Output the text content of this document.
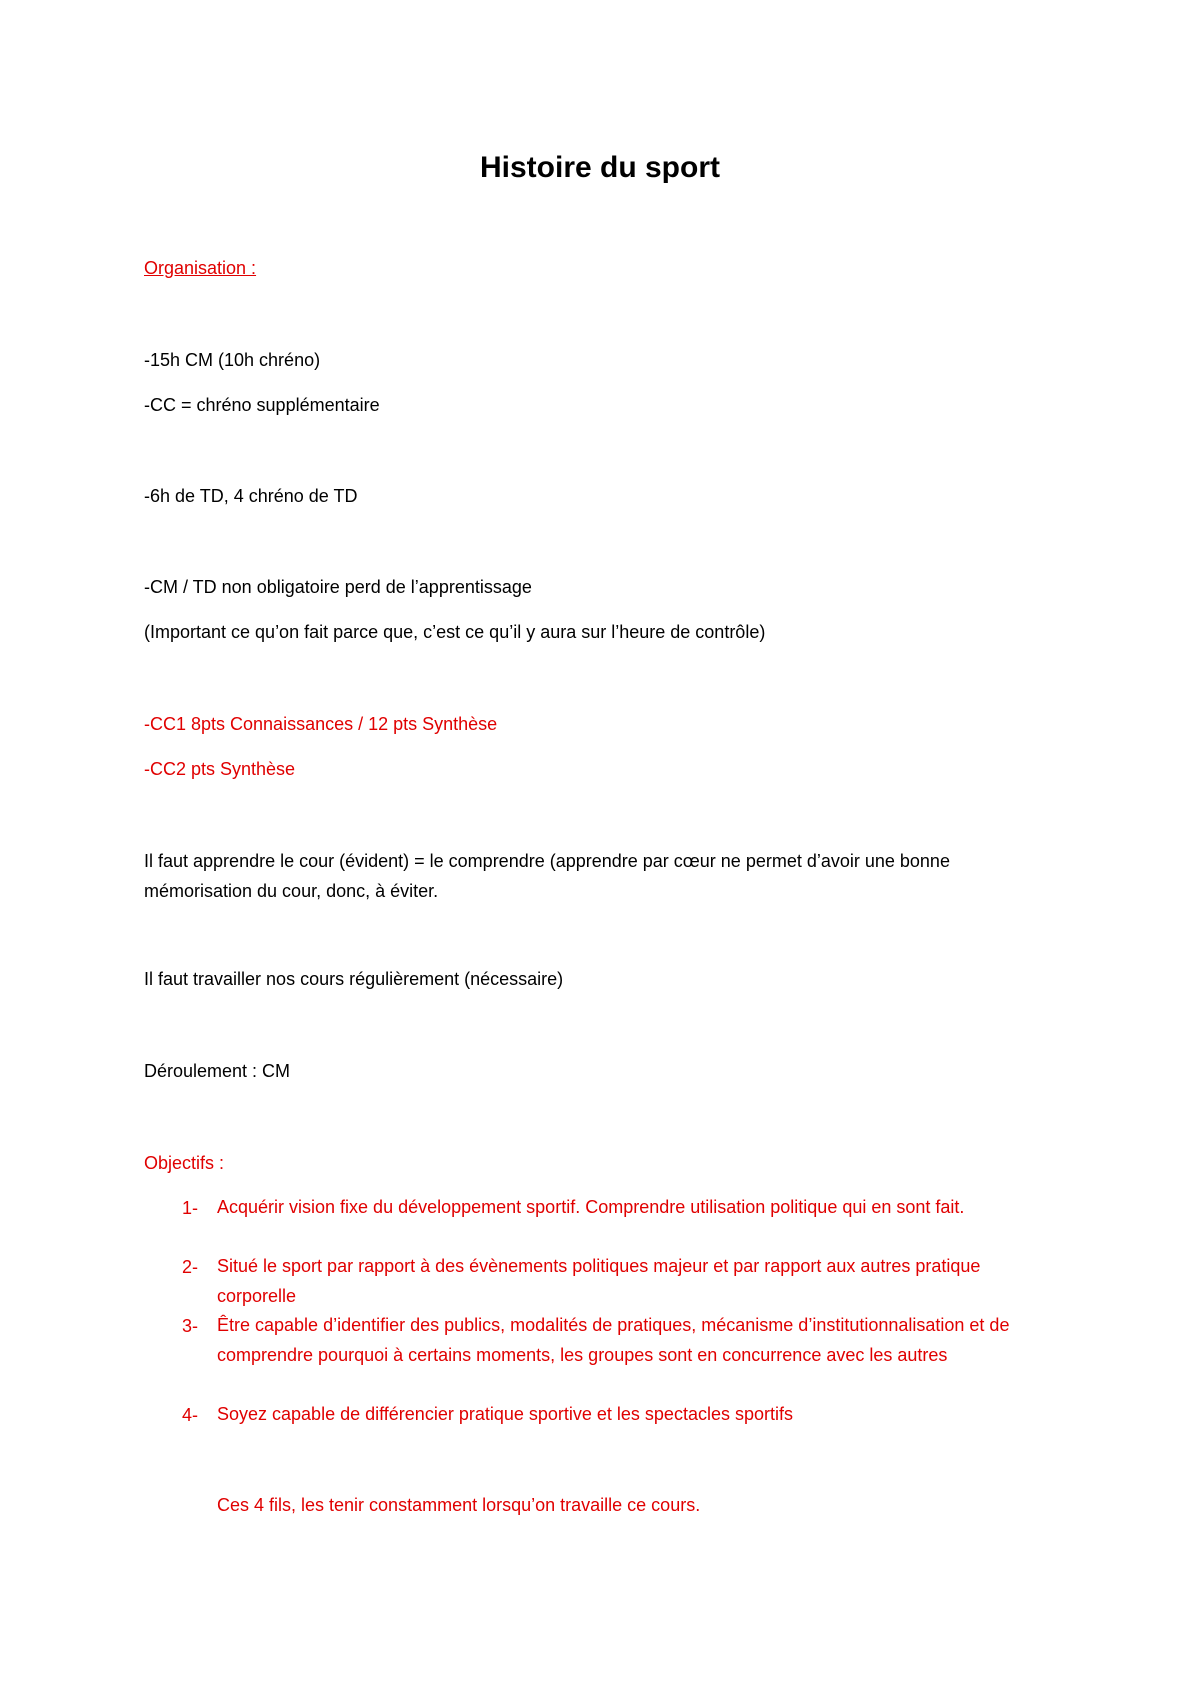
Histoire du sport
Organisation :
-15h CM (10h chréno)
-CC = chréno supplémentaire
-6h de TD, 4 chréno de TD
-CM / TD non obligatoire perd de l’apprentissage
(Important ce qu’on fait parce que, c’est ce qu’il y aura sur l’heure de contrôle)
-CC1 8pts Connaissances / 12 pts Synthèse
-CC2 pts Synthèse
Il faut apprendre le cour (évident) = le comprendre (apprendre par cœur ne permet d’avoir une bonne mémorisation du cour, donc, à éviter.
Il faut travailler nos cours régulièrement (nécessaire)
Déroulement : CM
Objectifs :
1- Acquérir vision fixe du développement sportif. Comprendre utilisation politique qui en sont fait.
2- Situé le sport par rapport à des évènements politiques majeur et par rapport aux autres pratique corporelle
3- Être capable d’identifier des publics, modalités de pratiques, mécanisme d’institutionnalisation et de comprendre pourquoi à certains moments, les groupes sont en concurrence avec les autres
4- Soyez capable de différencier pratique sportive et les spectacles sportifs
Ces 4 fils, les tenir constamment lorsqu’on travaille ce cours.
